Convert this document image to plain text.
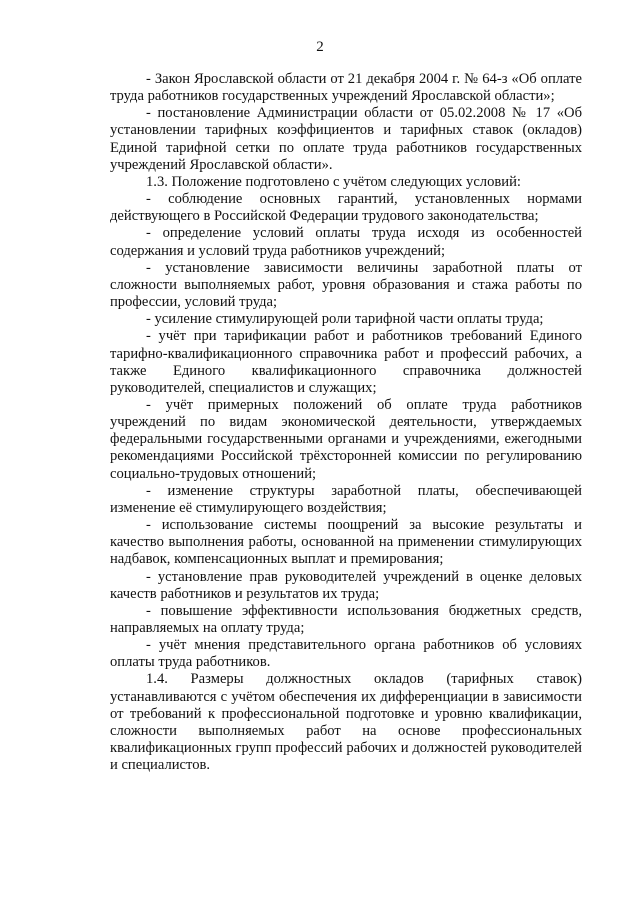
2

- Закон Ярославской области от 21 декабря 2004 г. № 64-з «Об оплате труда работников государственных учреждений Ярославской области»;

- постановление Администрации области от 05.02.2008 № 17 «Об установлении тарифных коэффициентов и тарифных ставок (окладов) Единой тарифной сетки по оплате труда работников государственных учреждений Ярославской области».

1.3. Положение подготовлено с учётом следующих условий:

- соблюдение основных гарантий, установленных нормами действующего в Российской Федерации трудового законодательства;

- определение условий оплаты труда исходя из особенностей содержания и условий труда работников учреждений;

- установление зависимости величины заработной платы от сложности выполняемых работ, уровня образования и стажа работы по профессии, условий труда;

- усиление стимулирующей роли тарифной части оплаты труда;

- учёт при тарификации работ и работников требований Единого тарифно-квалификационного справочника работ и профессий рабочих, а также Единого квалификационного справочника должностей руководителей, специалистов и служащих;

- учёт примерных положений об оплате труда работников учреждений по видам экономической деятельности, утверждаемых федеральными государственными органами и учреждениями, ежегодными рекомендациями Российской трёхсторонней комиссии по регулированию социально-трудовых отношений;

- изменение структуры заработной платы, обеспечивающей изменение её стимулирующего воздействия;

- использование системы поощрений за высокие результаты и качество выполнения работы, основанной на применении стимулирующих надбавок, компенсационных выплат и премирования;

- установление прав руководителей учреждений в оценке деловых качеств работников и результатов их труда;

- повышение эффективности использования бюджетных средств, направляемых на оплату труда;

- учёт мнения представительного органа работников об условиях оплаты труда работников.

1.4. Размеры должностных окладов (тарифных ставок) устанавливаются с учётом обеспечения их дифференциации в зависимости от требований к профессиональной подготовке и уровню квалификации, сложности выполняемых работ на основе профессиональных квалификационных групп профессий рабочих и должностей руководителей и специалистов.
